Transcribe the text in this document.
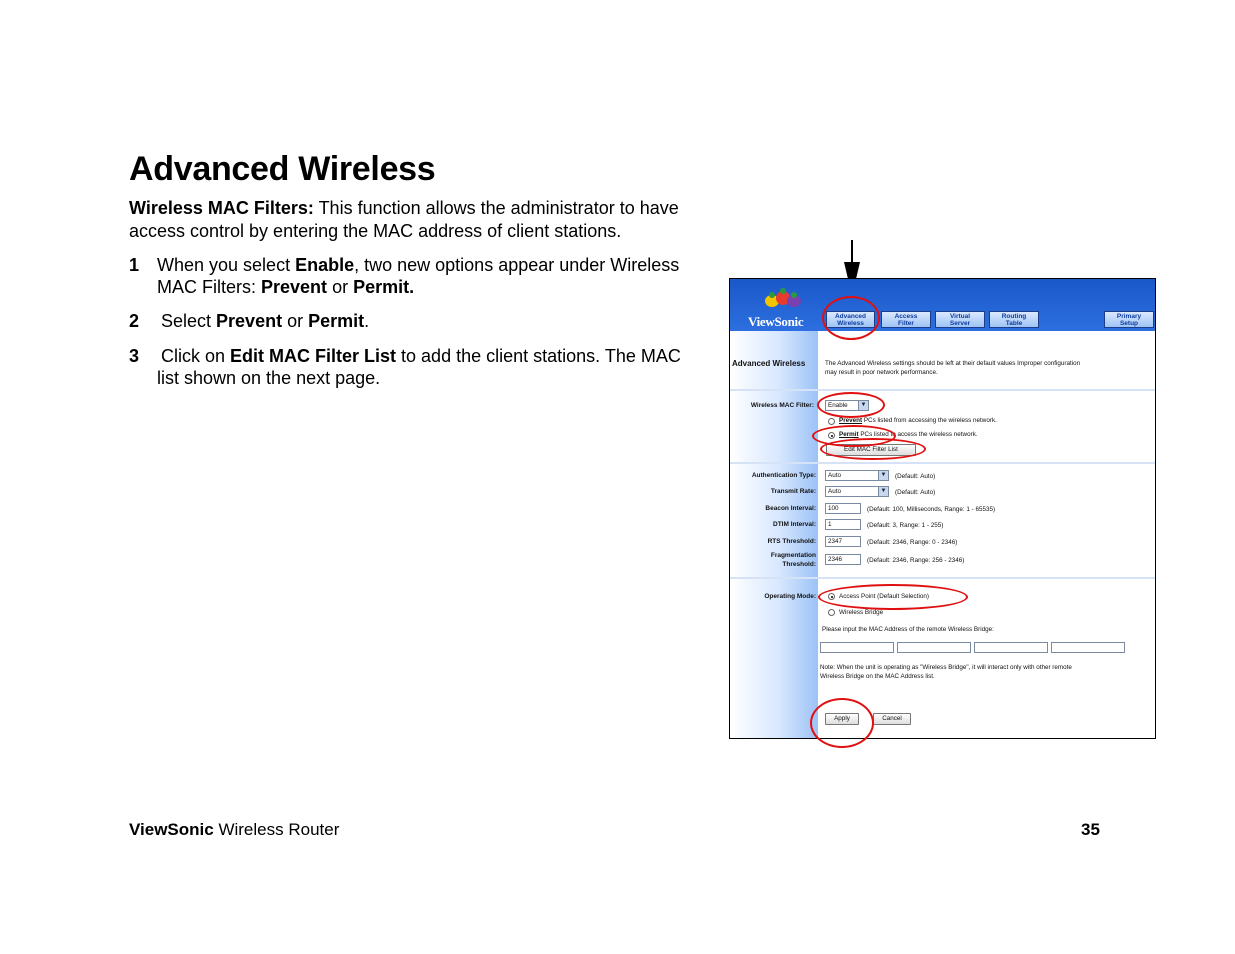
Advanced Wireless
Wireless MAC Filters: This function allows the administrator to have access control by entering the MAC address of client stations.
1 When you select Enable, two new options appear under Wireless MAC Filters: Prevent or Permit.
2	Select Prevent or Permit.
3	Click on Edit MAC Filter List to add the client stations. The MAC list shown on the next page.
ViewSonic Wireless Router	35
ViewSonic	Advanced
Wireless
Access
Filter
Virtual
Server
Routing
Table
Primary
Setup
Advanced Wireless	The Advanced Wireless settings should be left at their default values Improper configuration
may result in poor network performance.
Wireless MAC Filter:	Enable	▼
Prevent PCs listed from accessing the wireless network.
Permit PCs listed to access the wireless network.
Edit MAC Filter List
Authentication Type:	Auto	▼ (Default: Auto)
Transmit Rate:	Auto	▼ (Default: Auto)
Beacon Interval:	100	(Default: 100, Milliseconds, Range: 1 - 65535)
DTIM Interval:	1	(Default: 3, Range: 1 - 255)
RTS Threshold:	2347	(Default: 2346, Range: 0 - 2346)
Fragmentation Threshold:
2346	(Default: 2346, Range: 256 - 2346)
Operating Mode:	Access Point (Default Selection)
Wireless Bridge
Please input the MAC Address of the remote Wireless Bridge:
Note: When the unit is operating as "Wireless Bridge", it will interact only with other remote
Wireless Bridge on the MAC Address list.
Apply	Cancel
